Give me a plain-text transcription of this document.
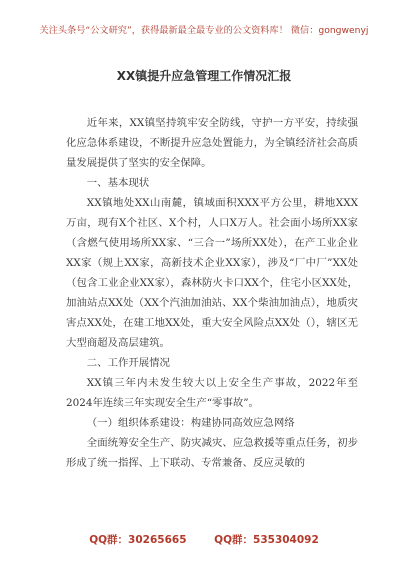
关注头条号“公文研究”，获得最新最全最专业的公文资料库！ 微信：gongwenyj
XX镇提升应急管理工作情况汇报

近年来，XX镇坚持筑牢安全防线，守护一方平安，持续强化应急体系建设，不断提升应急处置能力，为全镇经济社会高质量发展提供了坚实的安全保障。

一、基本现状

XX镇地处XX山南麓，镇域面积XXX平方公里，耕地XXX万亩，现有X个社区、X个村，人口X万人。社会面小场所XX家（含燃气使用场所XX家、“三合一”场所XX处），在产工业企业XX家（规上XX家，高新技术企业XX家），涉及“厂中厂”XX处（包含工业企业XX家），森林防火卡口XX个，住宅小区XX处，加油站点XX处（XX个汽油加油站、XX个柴油加油点），地质灾害点XX处，在建工地XX处，重大安全风险点XX处（），辖区无大型商超及高层建筑。

二、工作开展情况

XX镇三年内未发生较大以上安全生产事故，2022年至2024年连续三年实现安全生产“零事故”。

（一）组织体系建设：构建协同高效应急网络

全面统筹安全生产、防灾减灾、应急救援等重点任务，初步形成了统一指挥、上下联动、专常兼备、反应灵敏的

QQ群：30265665	QQ群：535304092
